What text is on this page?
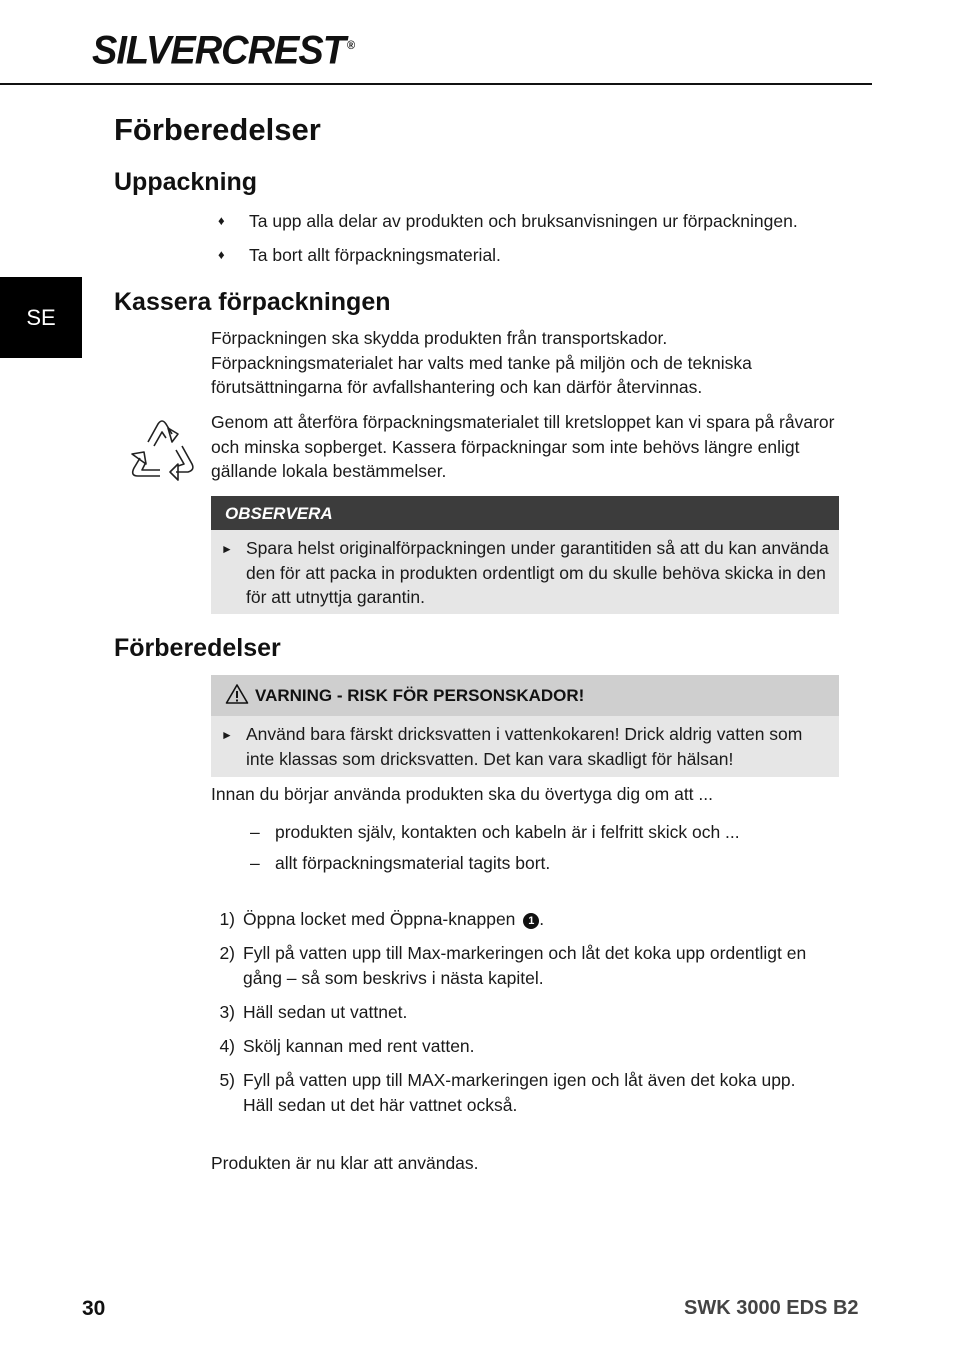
SILVERCREST ®
SE
Förberedelser
Uppackning
♦ Ta upp alla delar av produkten och bruksanvisningen ur förpackningen.
♦ Ta bort allt förpackningsmaterial.
Kassera förpackningen

Förpackningen ska skydda produkten från transportskador. Förpackningsmaterialet har valts med tanke på miljön och de tekniska förutsättningarna för avfallshantering och kan därför återvinnas.

Genom att återföra förpackningsmaterialet till kretsloppet kan vi spara på råvaror och minska sopberget. Kassera förpackningar som inte behövs längre enligt gällande lokala bestämmelser.

OBSERVERA
► Spara helst originalförpackningen under garantitiden så att du kan använda den för att packa in produkten ordentligt om du skulle behöva skicka in den för att utnyttja garantin.
Förberedelser
VARNING - RISK FÖR PERSONSKADOR!
► Använd bara färskt dricksvatten i vattenkokaren! Drick aldrig vatten som inte klassas som dricksvatten. Det kan vara skadligt för hälsan!

Innan du börjar använda produkten ska du övertyga dig om att ...

– produkten själv, kontakten och kabeln är i felfritt skick och ...
– allt förpackningsmaterial tagits bort.
1) Öppna locket med Öppna-knappen 1 .
2) Fyll på vatten upp till Max-markeringen och låt det koka upp ordentligt en gång – så som beskrivs i nästa kapitel.
3) Häll sedan ut vattnet.
4) Skölj kannan med rent vatten.
5) Fyll på vatten upp till MAX-markeringen igen och låt även det koka upp. Häll sedan ut det här vattnet också.

Produkten är nu klar att användas.

30	SWK 3000 EDS B2
